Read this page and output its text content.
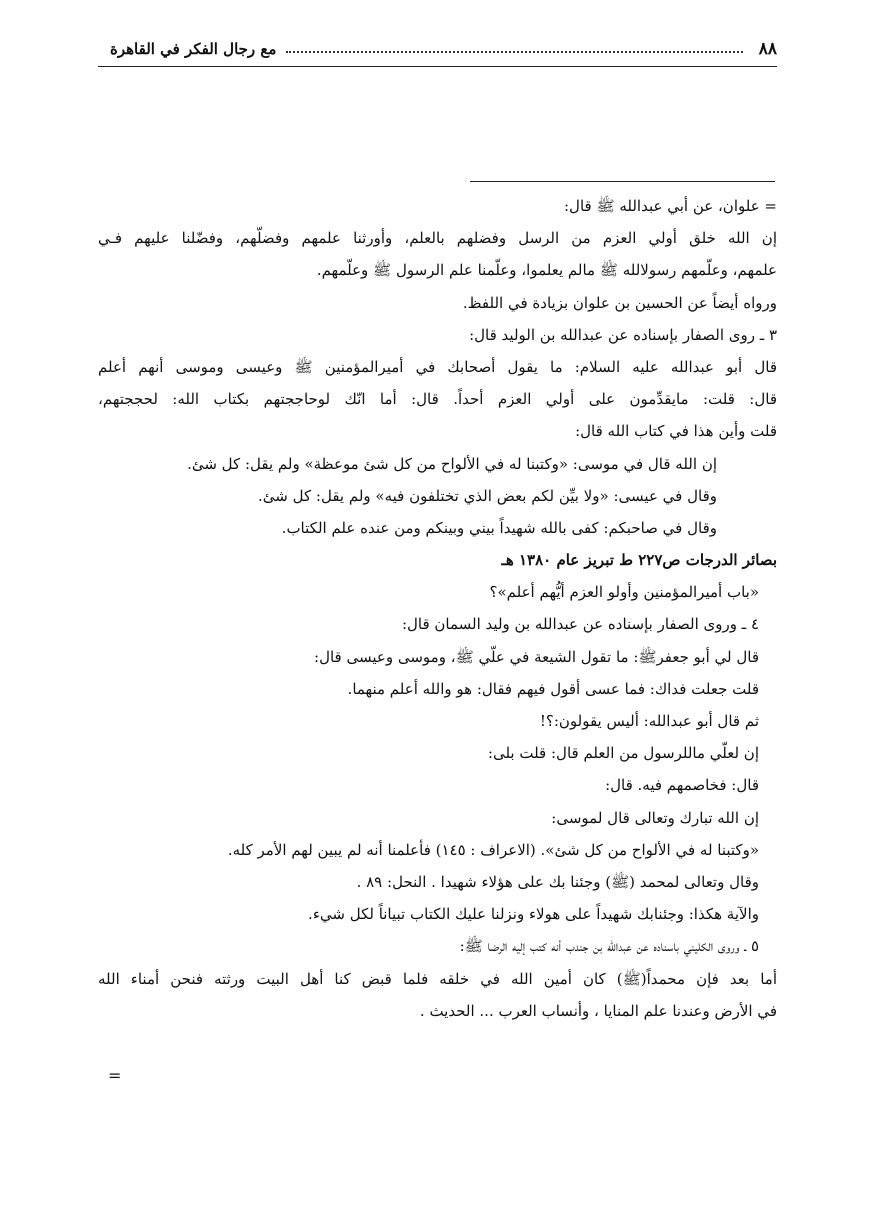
٨٨
مع رجال الفكر في القاهرة
= علوان، عن أبي عبدالله ﷺ قال:
إن الله خلق أولي العزم من الرسل وفضلهم بالعلم، وأورثنا علمهم وفضلّهم، وفضّلنا عليهم فـي
علمهم، وعلّمهم رسولالله ﷺ مالم يعلموا، وعلّمنا علم الرسول ﷺ وعلّمهم.
ورواه أيضاً عن الحسين بن علوان بزيادة في اللفظ.
٣ ـ روى الصفار بإسناده عن عبدالله بن الوليد قال:
قال أبو عبدالله عليه السلام: ما يقول أصحابك في أميرالمؤمنين ﷺ وعيسى وموسى أنهم أعلم
قال: قلت: مايقدِّمون على أولي العزم أحداً. قال: أما انّك لوحاججتهم بكتاب الله: لحججتهم،
قلت وأين هذا في كتاب الله قال:
إن الله قال في موسى: «وكتبنا له في الألواح من كل شئ موعظة» ولم يقل: كل شئ.
وقال في عيسى: «ولا بيِّن لكم بعض الذي تختلفون فيه» ولم يقل: كل شئ.
وقال في صاحبكم: كفى بالله شهيداً بيني وبينكم ومن عنده علم الكتاب.
بصائر الدرجات ص٢٢٧ ط تبريز عام ١٣٨٠ هـ
«باب أميرالمؤمنين وأولو العزم أيُّهم أعلم»؟
٤ ـ وروى الصفار بإسناده عن عبدالله بن وليد السمان قال:
قال لي أبو جعفرﷺ: ما تقول الشيعة في علّي ﷺ، وموسى وعيسى قال:
قلت جعلت فداك: فما عسى أقول فيهم فقال: هو والله أعلم منهما.
ثم قال أبو عبدالله: أليس يقولون:؟!
إن لعلّي ماللرسول من العلم قال: قلت بلى:
قال: فخاصمهم فيه. قال:
إن الله تبارك وتعالى قال لموسى:
«وكتبنا له في الألواح من كل شئ». (الاعراف : ١٤٥) فأعلمنا أنه لم يبين لهم الأمر كله.
وقال وتعالى لمحمد (ﷺ) وجئنا بك على هؤلاء شهيدا . النحل: ٨٩ .
والآية هكذا: وجئنابك شهيداً على هولاء ونزلنا عليك الكتاب تبياناً لكل شيء.
٥ ـ وروى الكليني باسناده عن عبدالله بن جندب أنه كتب إليه الرضا ﷺ:
أما بعد فإن محمداً(ﷺ) كان أمين الله في خلقه فلما قبض كنا أهل البيت ورثته فنحن أمناء الله
في الأرض وعندنا علم المنايا ، وأنساب العرب ... الحديث .
=
